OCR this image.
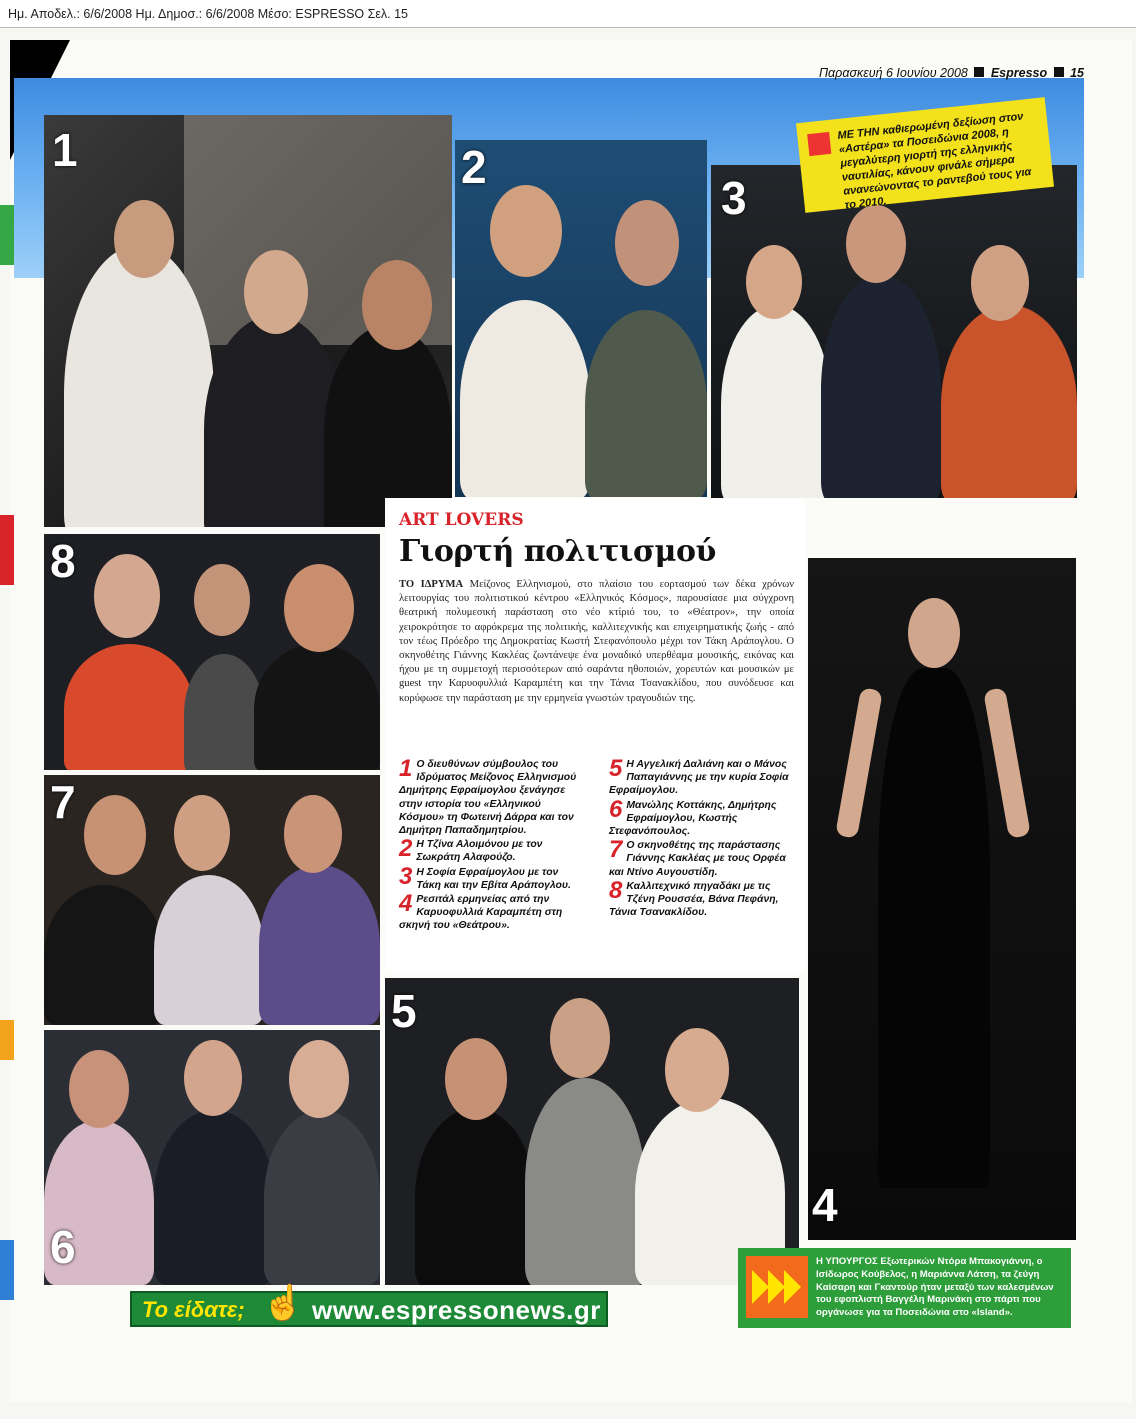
Ημ. Αποδελ.: 6/6/2008 Ημ. Δημοσ.: 6/6/2008 Μέσο: ESPRESSO Σελ. 15
Παρασκευή 6 Ιουνίου 2008 Espresso 15
1	2
3
ΜΕ ΤΗΝ καθιερωμένη δεξίωση στον «Αστέρα» τα Ποσειδώνια 2008, η μεγαλύτερη γιορτή της ελληνικής ναυτιλίας, κάνουν φινάλε σήμερα ανανεώνοντας το ραντεβού τους για το 2010.
8
7
6
ART LOVERS
Γιορτή πολιτισμού
ΤΟ ΙΔΡΥΜΑ Μείζονος Ελληνισμού, στο πλαίσιο του εορτασμού των δέκα χρόνων λειτουργίας του πολιτιστικού κέντρου «Ελληνικός Κόσμος», παρουσίασε μια σύγχρονη θεατρική πολυμεσική παράσταση στο νέο κτίριό του, το «Θέατρον», την οποία χειροκρότησε το αφρόκρεμα της πολιτικής, καλλιτεχνικής και επιχειρηματικής ζωής - από τον τέως Πρόεδρο της Δημοκρατίας Κωστή Στεφανόπουλο μέχρι τον Τάκη Αράπογλου. Ο σκηνοθέτης Γιάννης Κακλέας ζωντάνεψε ένα μοναδικό υπερθέαμα μουσικής, εικόνας και ήχου με τη συμμετοχή περισσότερων από σαράντα ηθοποιών, χορευτών και μουσικών με guest την Καρυοφυλλιά Καραμπέτη και την Τάνια Τσανακλίδου, που συνόδευσε και κορύφωσε την παράσταση με την ερμηνεία γνωστών τραγουδιών της.
1 Ο διευθύνων σύμβουλος του Ιδρύματος Μείζονος Ελληνισμού Δημήτρης Εφραίμογλου ξενάγησε στην ιστορία του «Ελληνικού Κόσμου» τη Φωτεινή Δάρρα και τον Δημήτρη Παπαδημητρίου.
2 Η Τζίνα Αλοιμόνου με τον Σωκράτη Αλαφούζο.
3 Η Σοφία Εφραίμογλου με τον Τάκη και την Εβίτα Αράπογλου.
4 Ρεσιτάλ ερμηνείας από την Καρυοφυλλιά Καραμπέτη στη σκηνή του «Θεάτρου».
5 Η Αγγελική Δαλιάνη και ο Μάνος Παπαγιάννης με την κυρία Σοφία Εφραίμογλου.
6 Μανώλης Κοττάκης, Δημήτρης Εφραίμογλου, Κωστής Στεφανόπουλος.
7 Ο σκηνοθέτης της παράστασης Γιάννης Κακλέας με τους Ορφέα και Ντίνο Αυγουστίδη.
8 Καλλιτεχνικό πηγαδάκι με τις Τζένη Ρουσσέα, Βάνα Πεφάνη, Τάνια Τσανακλίδου.
4
5
Η ΥΠΟΥΡΓΟΣ Εξωτερικών Ντόρα Μπακογιάννη, ο Ισίδωρος Κούβελος, η Μαριάννα Λάτση, τα ζεύγη Καίσαρη και Γκαντούρ ήταν μεταξύ των καλεσμένων του εφοπλιστή Βαγγέλη Μαρινάκη στο πάρτι που οργάνωσε για τα Ποσειδώνια στο «Island».
Το είδατε; ☝ www.espressonews.gr
